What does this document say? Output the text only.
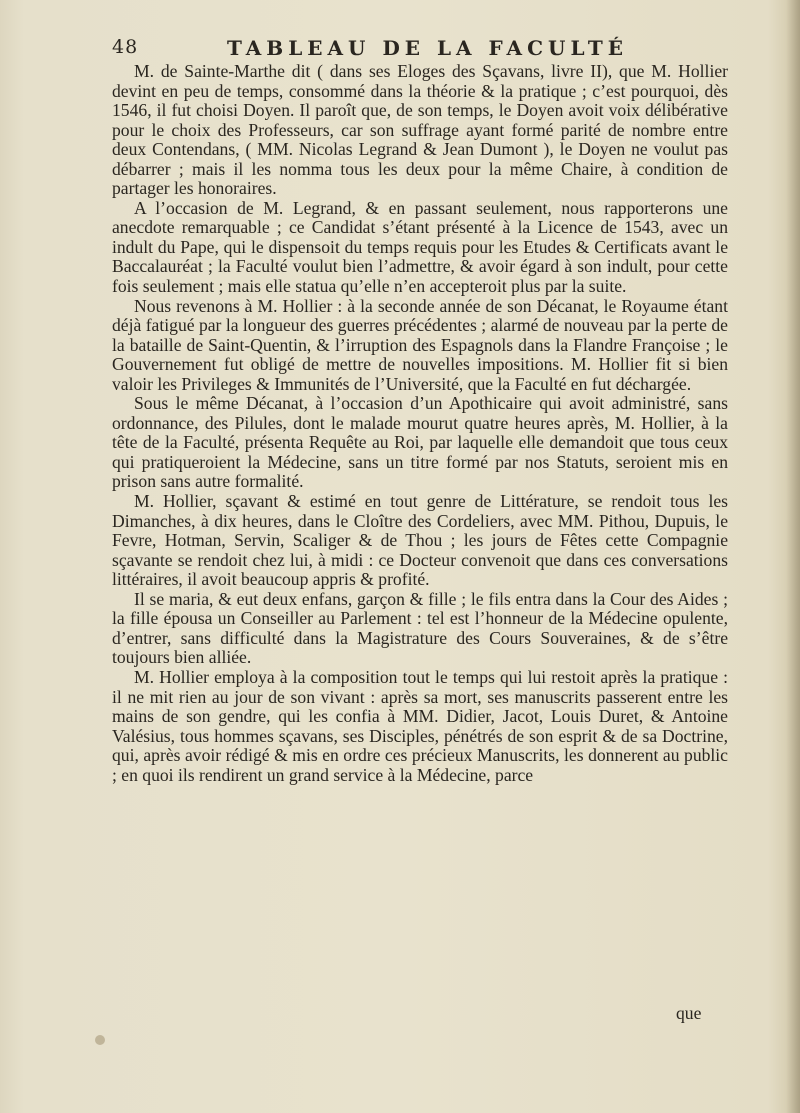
48	TABLEAU DE LA FACULTÉ

M. de Sainte-Marthe dit ( dans ses Eloges des Sçavans, livre II), que M. Hollier devint en peu de temps, consommé dans la théorie & la pratique ; c’est pourquoi, dès 1546, il fut choisi Doyen. Il paroît que, de son temps, le Doyen avoit voix délibérative pour le choix des Professeurs, car son suffrage ayant formé parité de nombre entre deux Contendans, ( MM. Nicolas Legrand & Jean Dumont ), le Doyen ne voulut pas débarrer ; mais il les nomma tous les deux pour la même Chaire, à condition de partager les honoraires.

A l’occasion de M. Legrand, & en passant seulement, nous rapporterons une anecdote remarquable ; ce Candidat s’étant présenté à la Licence de 1543, avec un indult du Pape, qui le dispensoit du temps requis pour les Etudes & Certificats avant le Baccalauréat ; la Faculté voulut bien l’admettre, & avoir égard à son indult, pour cette fois seulement ; mais elle statua qu’elle n’en accepteroit plus par la suite.

Nous revenons à M. Hollier : à la seconde année de son Décanat, le Royaume étant déjà fatigué par la longueur des guerres précédentes ; alarmé de nouveau par la perte de la bataille de Saint-Quentin, & l’irruption des Espagnols dans la Flandre Françoise ; le Gouvernement fut obligé de mettre de nouvelles impositions. M. Hollier fit si bien valoir les Privileges & Immunités de l’Université, que la Faculté en fut déchargée.

Sous le même Décanat, à l’occasion d’un Apothicaire qui avoit administré, sans ordonnance, des Pilules, dont le malade mourut quatre heures après, M. Hollier, à la tête de la Faculté, présenta Requête au Roi, par laquelle elle demandoit que tous ceux qui pratiqueroient la Médecine, sans un titre formé par nos Statuts, seroient mis en prison sans autre formalité.

M. Hollier, sçavant & estimé en tout genre de Littérature, se rendoit tous les Dimanches, à dix heures, dans le Cloître des Cordeliers, avec MM. Pithou, Dupuis, le Fevre, Hotman, Servin, Scaliger & de Thou ; les jours de Fêtes cette Compagnie sçavante se rendoit chez lui, à midi : ce Docteur convenoit que dans ces conversations littéraires, il avoit beaucoup appris & profité.

Il se maria, & eut deux enfans, garçon & fille ; le fils entra dans la Cour des Aides ; la fille épousa un Conseiller au Parlement : tel est l’honneur de la Médecine opulente, d’entrer, sans difficulté dans la Magistrature des Cours Souveraines, & de s’être toujours bien alliée.

M. Hollier employa à la composition tout le temps qui lui restoit après la pratique : il ne mit rien au jour de son vivant : après sa mort, ses manuscrits passerent entre les mains de son gendre, qui les confia à MM. Didier, Jacot, Louis Duret, & Antoine Valésius, tous hommes sçavans, ses Disciples, pénétrés de son esprit & de sa Doctrine, qui, après avoir rédigé & mis en ordre ces précieux Manuscrits, les donnerent au public ; en quoi ils rendirent un grand service à la Médecine, parce

que
